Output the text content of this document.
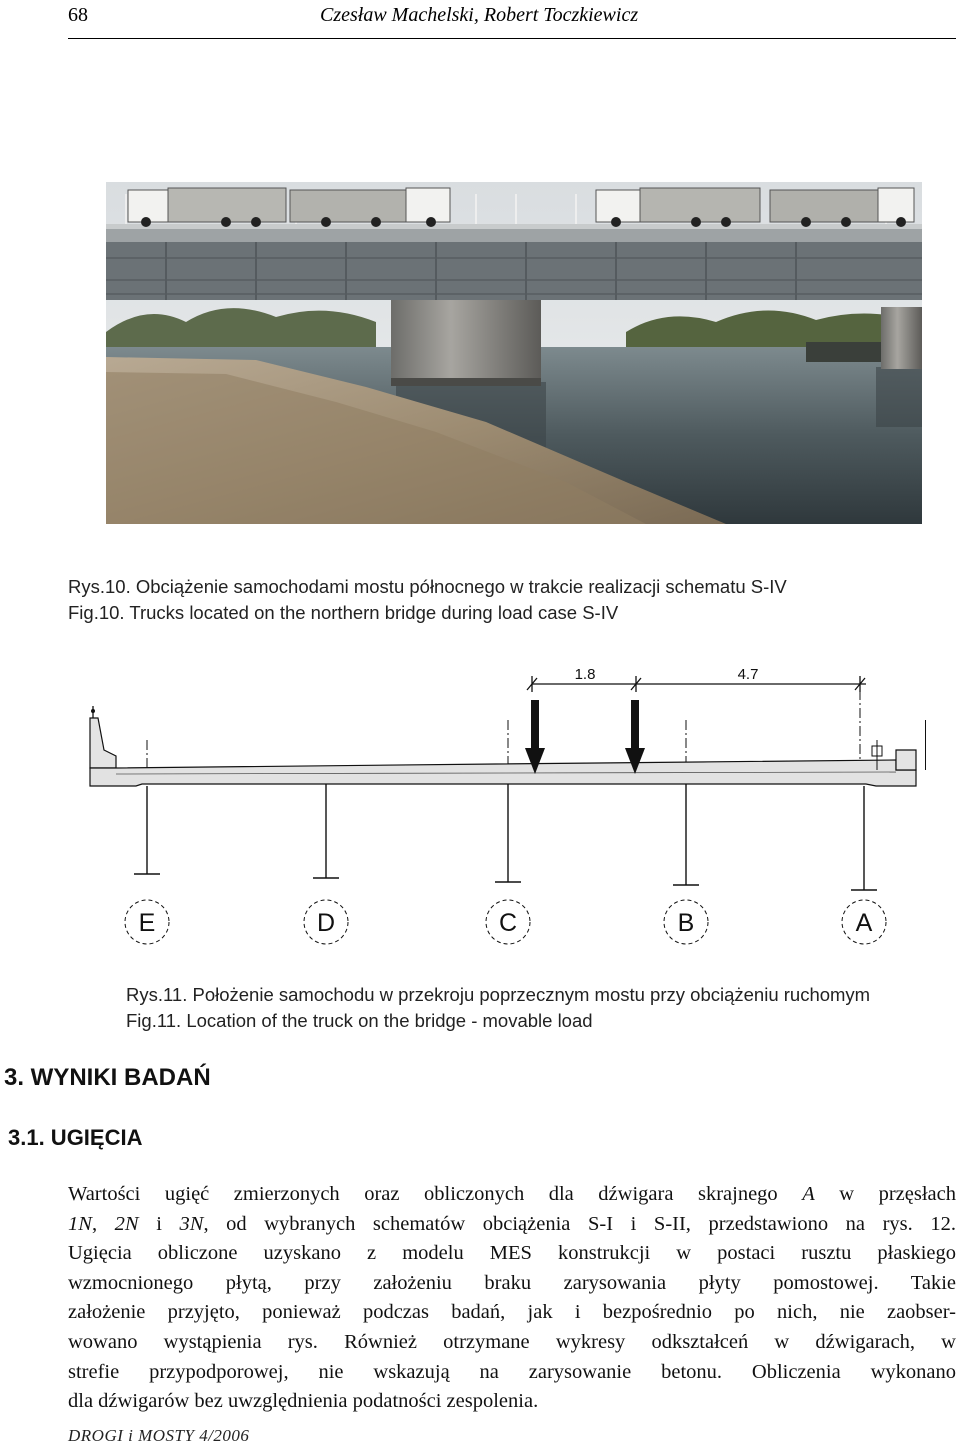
68	Czesław Machelski, Robert Toczkiewicz
Rys.10. Obciążenie samochodami mostu północnego w trakcie realizacji schematu S-IV
Fig.10. Trucks located on the northern bridge during load case S-IV
1.8	4.7
E	D	C	B	A
Rys.11. Położenie samochodu w przekroju poprzecznym mostu przy obciążeniu ruchomym
Fig.11. Location of the truck on the bridge - movable load
3. WYNIKI BADAŃ
3.1. UGIĘCIA
Wartości ugięć zmierzonych oraz obliczonych dla dźwigara skrajnego A w przęsłach
1N, 2N i 3N, od wybranych schematów obciążenia S-I i S-II, przedstawiono na rys. 12.
Ugięcia obliczone uzyskano z modelu MES konstrukcji w postaci rusztu płaskiego
wzmocnionego płytą, przy założeniu braku zarysowania płyty pomostowej. Takie
założenie przyjęto, ponieważ podczas badań, jak i bezpośrednio po nich, nie zaobser-
wowano wystąpienia rys. Również otrzymane wykresy odkształceń w dźwigarach, w
strefie przypodporowej, nie wskazują na zarysowanie betonu. Obliczenia wykonano
dla dźwigarów bez uwzględnienia podatności zespolenia.
DROGI i MOSTY 4/2006
